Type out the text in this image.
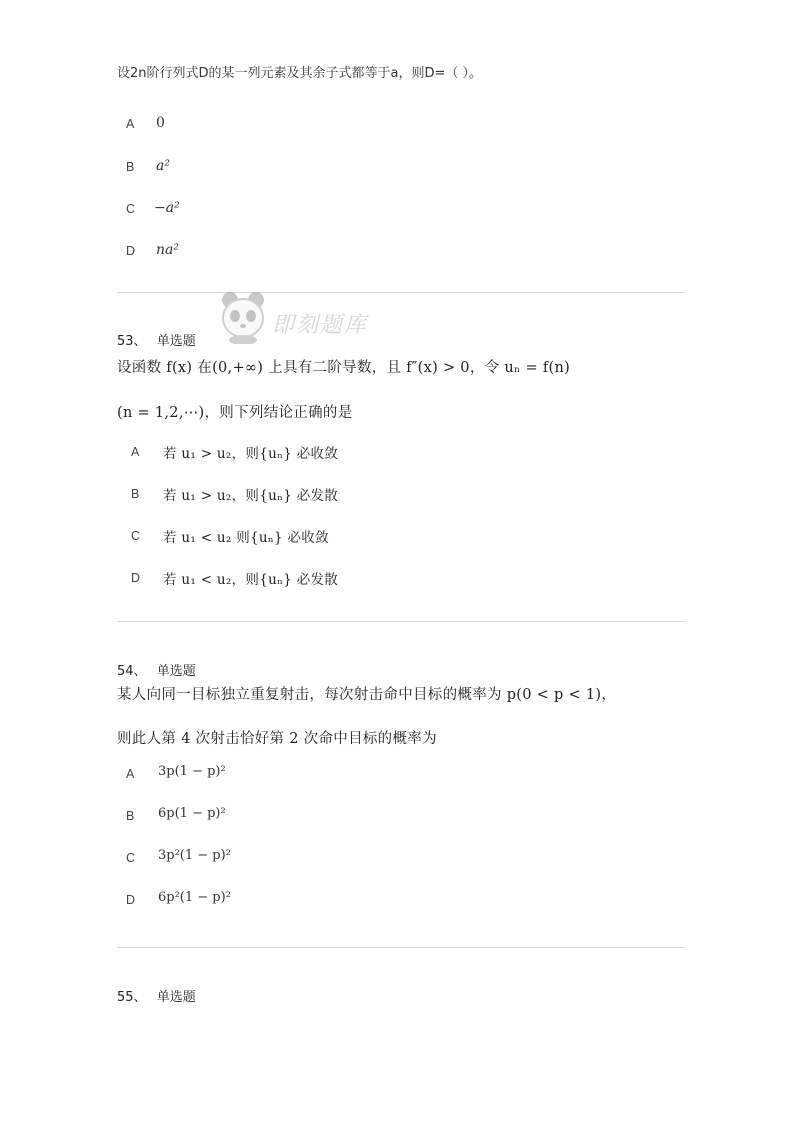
设2n阶行列式D的某一列元素及其余子式都等于a，则D=（ ）。
A 0
B a²
C −a²
D na²
即刻题库
53、 单选题
设函数 f(x) 在(0,+∞) 上具有二阶导数，且 f″(x) > 0，令 uₙ = f(n)
(n = 1,2,⋯)，则下列结论正确的是
A 若 u₁ > u₂，则{uₙ} 必收敛
B 若 u₁ > u₂，则{uₙ} 必发散
C 若 u₁ < u₂ 则{uₙ} 必收敛
D 若 u₁ < u₂，则{uₙ} 必发散
54、 单选题
某人向同一目标独立重复射击，每次射击命中目标的概率为 p(0 < p < 1)，
则此人第 4 次射击恰好第 2 次命中目标的概率为
A 3p(1 − p)²
B 6p(1 − p)²
C 3p²(1 − p)²
D 6p²(1 − p)²
55、 单选题
